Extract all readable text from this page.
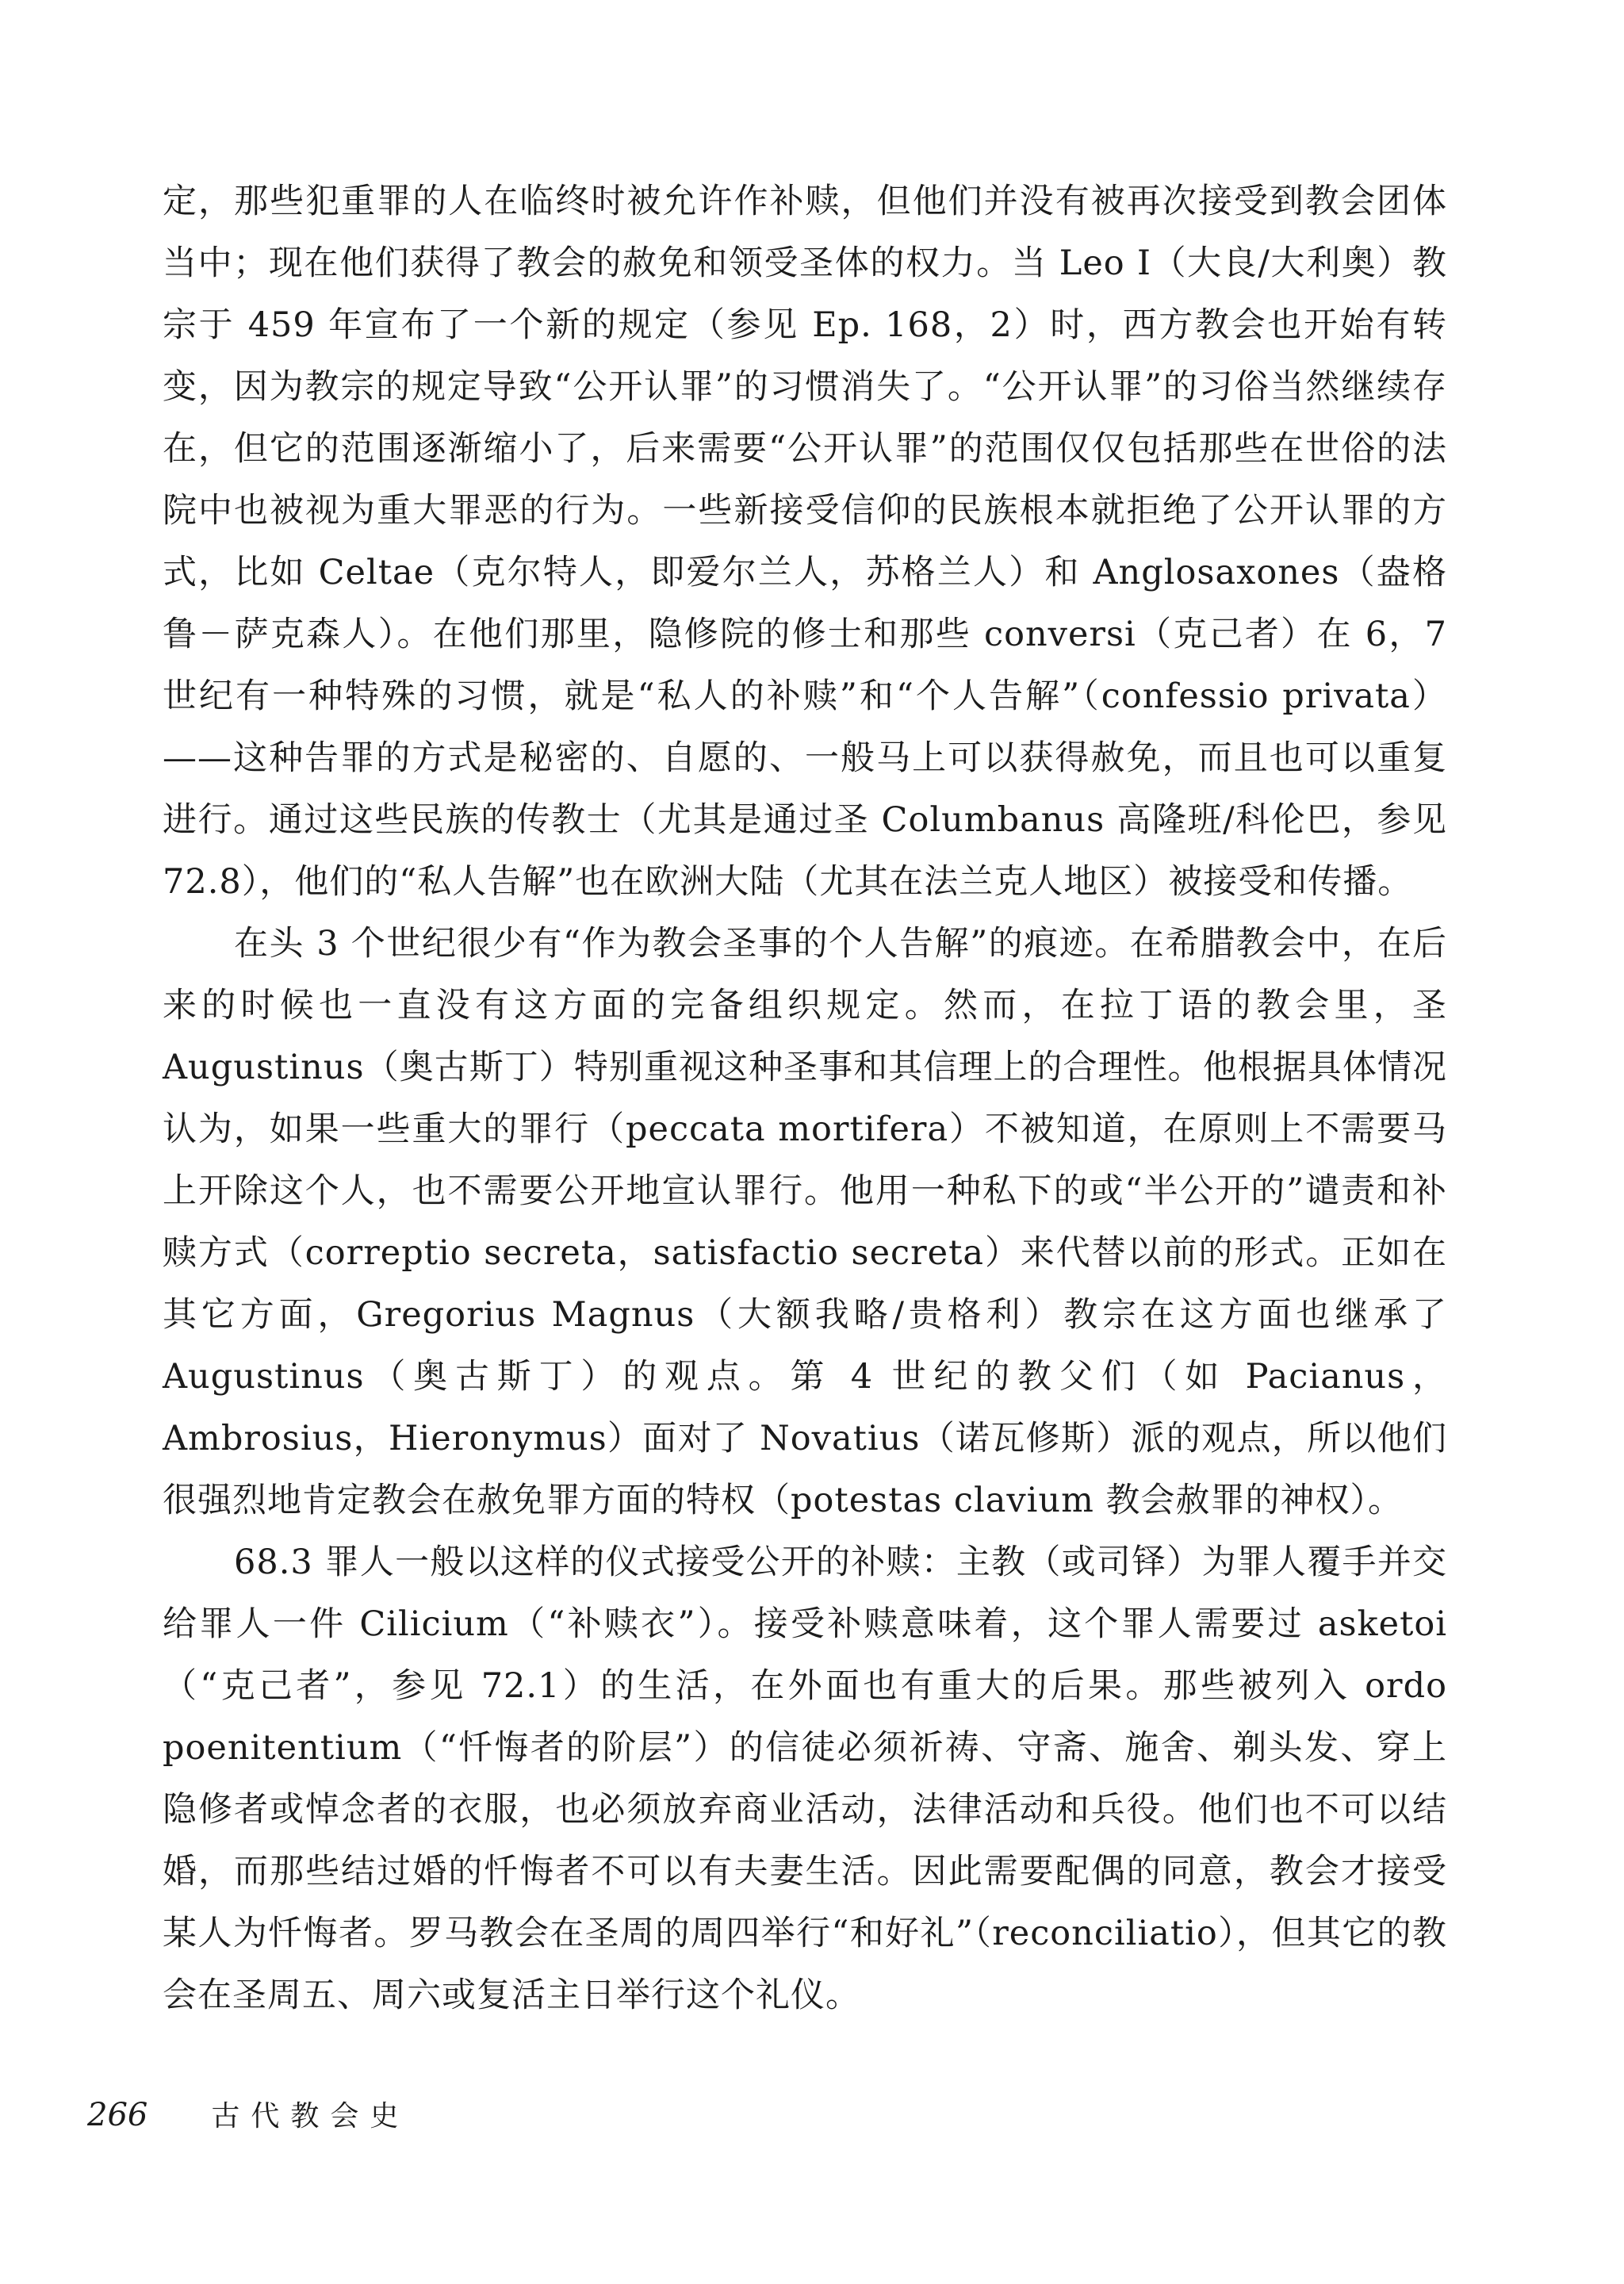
定，那些犯重罪的人在临终时被允许作补赎，但他们并没有被再次接受到教会团体当中；现在他们获得了教会的赦免和领受圣体的权力。当 Leo I（大良/大利奥）教宗于 459 年宣布了一个新的规定（参见 Ep. 168，2）时，西方教会也开始有转变，因为教宗的规定导致“公开认罪”的习惯消失了。“公开认罪”的习俗当然继续存在，但它的范围逐渐缩小了，后来需要“公开认罪”的范围仅仅包括那些在世俗的法院中也被视为重大罪恶的行为。一些新接受信仰的民族根本就拒绝了公开认罪的方式，比如 Celtae（克尔特人，即爱尔兰人，苏格兰人）和 Anglosaxones（盎格鲁－萨克森人）。在他们那里，隐修院的修士和那些 conversi（克己者）在 6，7 世纪有一种特殊的习惯，就是“私人的补赎”和“个人告解”（confessio privata）——这种告罪的方式是秘密的、自愿的、一般马上可以获得赦免，而且也可以重复进行。通过这些民族的传教士（尤其是通过圣 Columbanus 高隆班/科伦巴，参见 72.8），他们的“私人告解”也在欧洲大陆（尤其在法兰克人地区）被接受和传播。

在头 3 个世纪很少有“作为教会圣事的个人告解”的痕迹。在希腊教会中，在后来的时候也一直没有这方面的完备组织规定。然而，在拉丁语的教会里，圣 Augustinus（奥古斯丁）特别重视这种圣事和其信理上的合理性。他根据具体情况认为，如果一些重大的罪行（peccata mortifera）不被知道，在原则上不需要马上开除这个人，也不需要公开地宣认罪行。他用一种私下的或“半公开的”谴责和补赎方式（correptio secreta，satisfactio secreta）来代替以前的形式。正如在其它方面，Gregorius Magnus（大额我略/贵格利）教宗在这方面也继承了 Augustinus（奥古斯丁）的观点。第 4 世纪的教父们（如 Pacianus，Ambrosius，Hieronymus）面对了 Novatius（诺瓦修斯）派的观点，所以他们很强烈地肯定教会在赦免罪方面的特权（potestas clavium 教会赦罪的神权）。

68.3 罪人一般以这样的仪式接受公开的补赎：主教（或司铎）为罪人覆手并交给罪人一件 Cilicium（“补赎衣”）。接受补赎意味着，这个罪人需要过 asketoi（“克己者”，参见 72.1）的生活，在外面也有重大的后果。那些被列入 ordo poenitentium（“忏悔者的阶层”）的信徒必须祈祷、守斋、施舍、剃头发、穿上隐修者或悼念者的衣服，也必须放弃商业活动，法律活动和兵役。他们也不可以结婚，而那些结过婚的忏悔者不可以有夫妻生活。因此需要配偶的同意，教会才接受某人为忏悔者。罗马教会在圣周的周四举行“和好礼”（reconciliatio），但其它的教会在圣周五、周六或复活主日举行这个礼仪。

266 古代教会史
